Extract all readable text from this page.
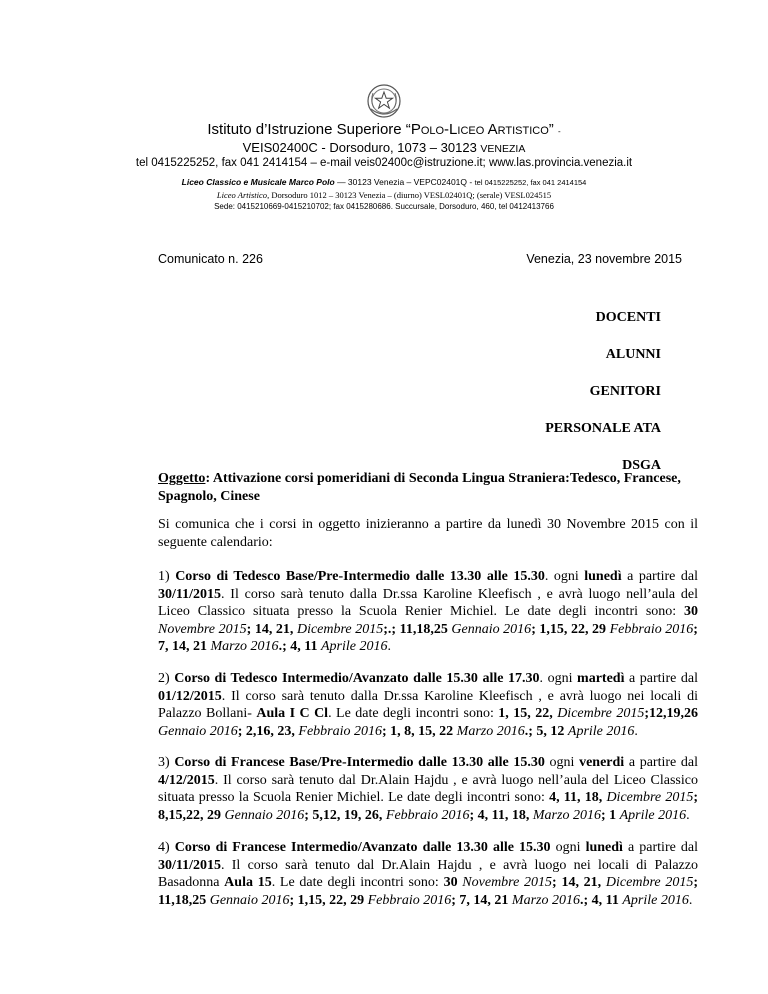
Istituto d’Istruzione Superiore “Polo-Liceo Artistico” -
VEIS02400C - Dorsoduro, 1073 – 30123 VENEZIA
tel 0415225252, fax 041 2414154 – e-mail veis02400c@istruzione.it; www.las.provincia.venezia.it
Liceo Classico e Musicale Marco Polo — 30123 Venezia – VEPC02401Q - tel 0415225252, fax 041 2414154
Liceo Artistico, Dorsoduro 1012 – 30123 Venezia – (diurno) VESL02401Q; (serale) VESL024515
Sede: 0415210669-0415210702; fax 0415280686. Succursale, Dorsoduro, 460, tel 0412413766
Comunicato n. 226	Venezia, 23 novembre 2015
DOCENTI
ALUNNI
GENITORI
PERSONALE ATA
DSGA
Oggetto: Attivazione corsi pomeridiani di Seconda Lingua Straniera:Tedesco, Francese, Spagnolo, Cinese
Si comunica che i corsi in oggetto inizieranno a partire da lunedì 30 Novembre 2015 con il seguente calendario:
1) Corso di Tedesco Base/Pre-Intermedio dalle 13.30 alle 15.30. ogni lunedì a partire dal 30/11/2015. Il corso sarà tenuto dalla Dr.ssa Karoline Kleefisch , e avrà luogo nell’aula del Liceo Classico situata presso la Scuola Renier Michiel. Le date degli incontri sono: 30 Novembre 2015; 14, 21, Dicembre 2015;.; 11,18,25 Gennaio 2016; 1,15, 22, 29 Febbraio 2016; 7, 14, 21 Marzo 2016.; 4, 11 Aprile 2016.
2) Corso di Tedesco Intermedio/Avanzato dalle 15.30 alle 17.30. ogni martedì a partire dal 01/12/2015. Il corso sarà tenuto dalla Dr.ssa Karoline Kleefisch , e avrà luogo nei locali di Palazzo Bollani- Aula I C Cl. Le date degli incontri sono: 1, 15, 22, Dicembre 2015;12,19,26 Gennaio 2016; 2,16, 23, Febbraio 2016; 1, 8, 15, 22 Marzo 2016.; 5, 12 Aprile 2016.
3) Corso di Francese Base/Pre-Intermedio dalle 13.30 alle 15.30 ogni venerdi a partire dal 4/12/2015. Il corso sarà tenuto dal Dr.Alain Hajdu , e avrà luogo nell’aula del Liceo Classico situata presso la Scuola Renier Michiel. Le date degli incontri sono: 4, 11, 18, Dicembre 2015; 8,15,22, 29 Gennaio 2016; 5,12, 19, 26, Febbraio 2016; 4, 11, 18, Marzo 2016; 1 Aprile 2016.
4) Corso di Francese Intermedio/Avanzato dalle 13.30 alle 15.30 ogni lunedì a partire dal 30/11/2015. Il corso sarà tenuto dal Dr.Alain Hajdu , e avrà luogo nei locali di Palazzo Basadonna Aula 15. Le date degli incontri sono: 30 Novembre 2015; 14, 21, Dicembre 2015; 11,18,25 Gennaio 2016; 1,15, 22, 29 Febbraio 2016; 7, 14, 21 Marzo 2016.; 4, 11 Aprile 2016.
